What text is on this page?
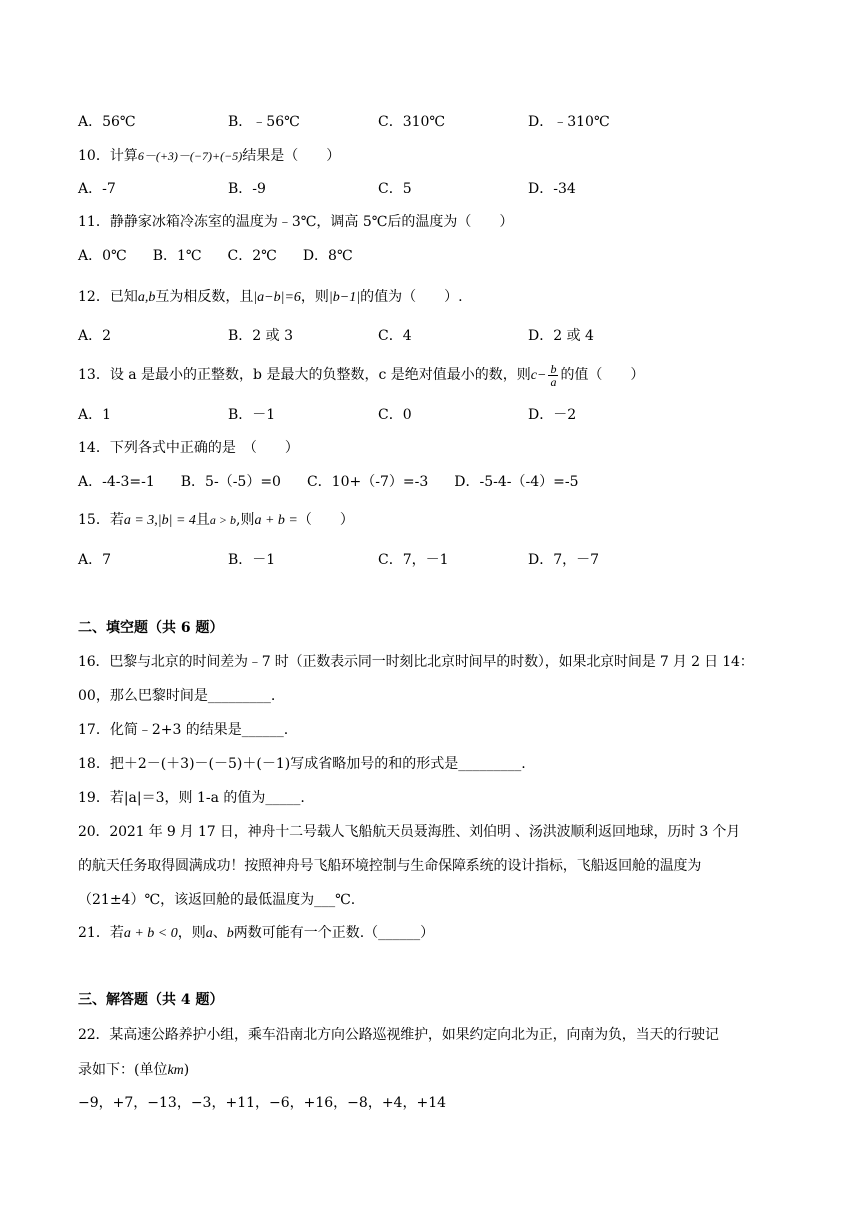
A．56℃	B．﹣56℃	C．310℃	D．﹣310℃
10．计算6－(+3)－(−7)+(−5)结果是（　　）
A．-7	B．-9	C．5	D．-34
11．静静家冰箱冷冻室的温度为﹣3℃，调高 5℃后的温度为（　　）
A．0℃ B．1℃ C．2℃ D．8℃
12．已知a,b互为相反数，且|a−b|=6，则|b−1|的值为（　　）.
A．2	B．2 或 3	C．4	D．2 或 4
13．设 a 是最小的正整数，b 是最大的负整数，c 是绝对值最小的数，则$c- \frac{b}{a}$ 的值（　　）
A．1	B．－1	C．0	D．－2
14．下列各式中正确的是　（　　）
A．-4-3=-1 B．5-（-5）=0 C．10+（-7）=-3 D．-5-4-（-4）=-5
15．若a = 3,|b| = 4且a > b,则a + b =（　　）
A．7	B．－1	C．7，－1	D．7，－7
二、填空题（共 6 题）
16．巴黎与北京的时间差为﹣7 时（正数表示同一时刻比北京时间早的时数），如果北京时间是 7 月 2 日 14：
00，那么巴黎时间是_________.
17．化简﹣2+3 的结果是______.
18．把＋2－(＋3)－(－5)＋(－1)写成省略加号的和的形式是_________.
19．若|a|＝3，则 1-a 的值为_____.
20．2021 年 9 月 17 日，神舟十二号载人飞船航天员聂海胜、刘伯明 、汤洪波顺利返回地球，历时 3 个月
的航天任务取得圆满成功！按照神舟号飞船环境控制与生命保障系统的设计指标，飞船返回舱的温度为
（21±4）℃，该返回舱的最低温度为___℃.
21．若a + b < 0，则a、b两数可能有一个正数.（______）
三、解答题（共 4 题）
22．某高速公路养护小组，乘车沿南北方向公路巡视维护，如果约定向北为正，向南为负，当天的行驶记
录如下：(单位km)
−9，+7，−13，−3，+11，−6，+16，−8，+4，+14
